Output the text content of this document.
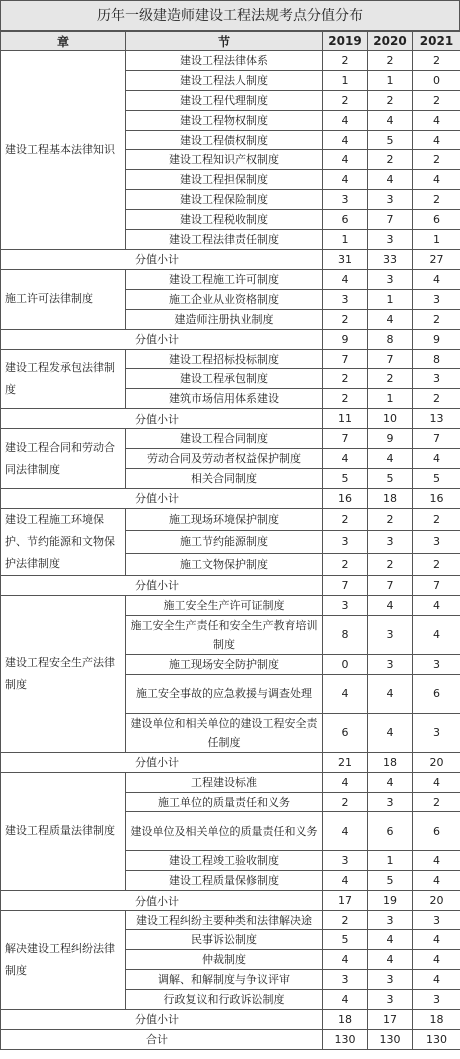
历年一级建造师建设工程法规考点分值分布
章	节	2019	2020	2021
建设工程基本法律知识	建设工程法律体系	2	2	2
	建设工程法人制度	1	1	0
	建设工程代理制度	2	2	2
	建设工程物权制度	4	4	4
	建设工程债权制度	4	5	4
	建设工程知识产权制度	4	2	2
	建设工程担保制度	4	4	4
	建设工程保险制度	3	3	2
	建设工程税收制度	6	7	6
	建设工程法律责任制度	1	3	1
分值小计		31	33	27
施工许可法律制度	建设工程施工许可制度	4	3	4
	施工企业从业资格制度	3	1	3
	建造师注册执业制度	2	4	2
分值小计		9	8	9
建设工程发承包法律制度	建设工程招标投标制度	7	7	8
	建设工程承包制度	2	2	3
	建筑市场信用体系建设	2	1	2
分值小计		11	10	13
建设工程合同和劳动合同法律制度	建设工程合同制度	7	9	7
	劳动合同及劳动者权益保护制度	4	4	4
	相关合同制度	5	5	5
分值小计		16	18	16
建设工程施工环境保护、节约能源和文物保护法律制度	施工现场环境保护制度	2	2	2
	施工节约能源制度	3	3	3
	施工文物保护制度	2	2	2
分值小计		7	7	7
建设工程安全生产法律制度	施工安全生产许可证制度	3	4	4
	施工安全生产责任和安全生产教育培训制度	8	3	4
	施工现场安全防护制度	0	3	3
	施工安全事故的应急救援与调查处理	4	4	6
	建设单位和相关单位的建设工程安全责任制度	6	4	3
分值小计		21	18	20
建设工程质量法律制度	工程建设标准	4	4	4
	施工单位的质量责任和义务	2	3	2
	建设单位及相关单位的质量责任和义务	4	6	6
	建设工程竣工验收制度	3	1	4
	建设工程质量保修制度	4	5	4
分值小计		17	19	20
解决建设工程纠纷法律制度	建设工程纠纷主要种类和法律解决途	2	3	3
	民事诉讼制度	5	4	4
	仲裁制度	4	4	4
	调解、和解制度与争议评审	3	3	4
	行政复议和行政诉讼制度	4	3	3
分值小计		18	17	18
合计		130	130	130
